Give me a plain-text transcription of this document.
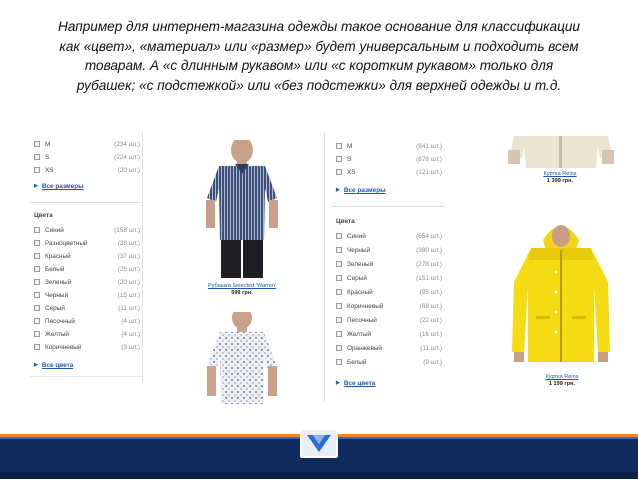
Например для интернет-магазина одежды такое основание для классификации
как «цвет», «материал» или «размер» будет универсальным и подходить всем
товарам. А «с длинным рукавом» или «с коротким рукавом» только для
рубашек; «с подстежкой» или «без подстежки» для верхней одежды и т.д.
M	(234 шт.)
S	(224 шт.)
XS	(20 шт.)
▶ Все размеры
Цвета
Синий	(158 шт.)
Разноцветный	(38 шт.)
Красный	(37 шт.)
Белый	(25 шт.)
Зеленый	(20 шт.)
Черный	(15 шт.)
Серый	(11 шт.)
Песочный	(4 шт.)
Желтый	(4 шт.)
Коричневый	(3 шт.)
▶ Все цвета
Рубашка Selected 'Warren'
599 грн.
M	(941 шт.)
S	(878 шт.)
XS	(121 шт.)
▶ Все размеры
Цвета
Синий	(654 шт.)
Черный	(380 шт.)
Зеленый	(278 шт.)
Серый	(151 шт.)
Красный	(95 шт.)
Коричневый	(68 шт.)
Песочный	(22 шт.)
Желтый	(16 шт.)
Оранжевый	(11 шт.)
Белый	(9 шт.)
▶ Все цвета
Куртка Reins
1 399 грн.
Куртка Reins
1 199 грн.
